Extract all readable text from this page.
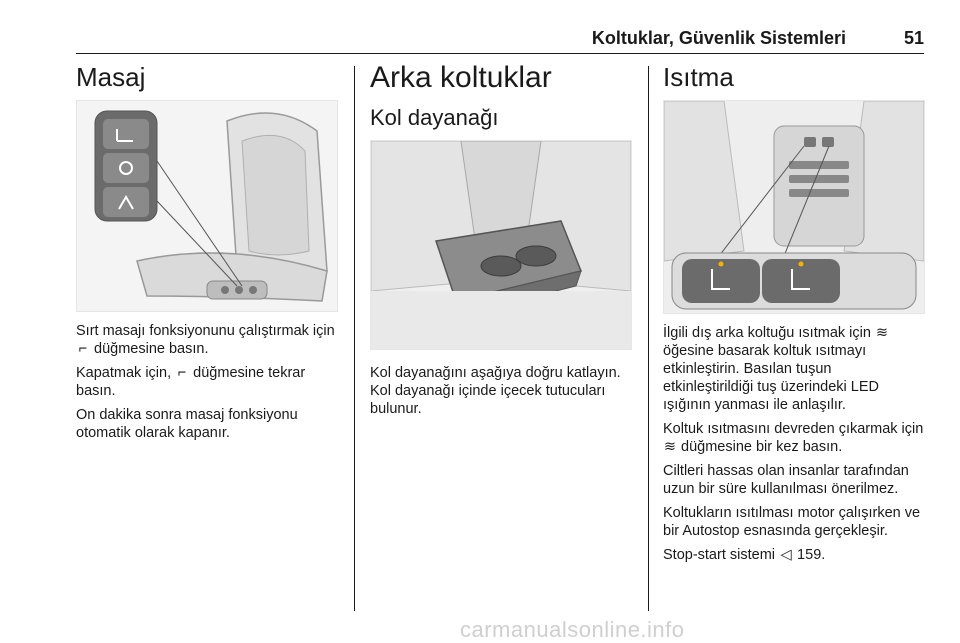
Koltuklar, Güvenlik Sistemleri	51
Masaj

Sırt masajı fonksiyonunu çalıştırmak için ⌐ düğmesine basın.

Kapatmak için, ⌐ düğmesine tekrar basın.

On dakika sonra masaj fonksiyonu otomatik olarak kapanır.

Arka koltuklar
Kol dayanağı

Kol dayanağını aşağıya doğru katlayın. Kol dayanağı içinde içecek tutucuları bulunur.

Isıtma

İlgili dış arka koltuğu ısıtmak için ≋ öğesine basarak koltuk ısıtmayı etkinleştirin. Basılan tuşun etkinleştirildiği tuş üzerindeki LED ışığının yanması ile anlaşılır.

Koltuk ısıtmasını devreden çıkarmak için ≋ düğmesine bir kez basın.

Ciltleri hassas olan insanlar tarafından uzun bir süre kullanılması önerilmez.

Koltukların ısıtılması motor çalışırken ve bir Autostop esnasında gerçekleşir.

Stop-start sistemi ◁ 159.

carmanualsonline.info
